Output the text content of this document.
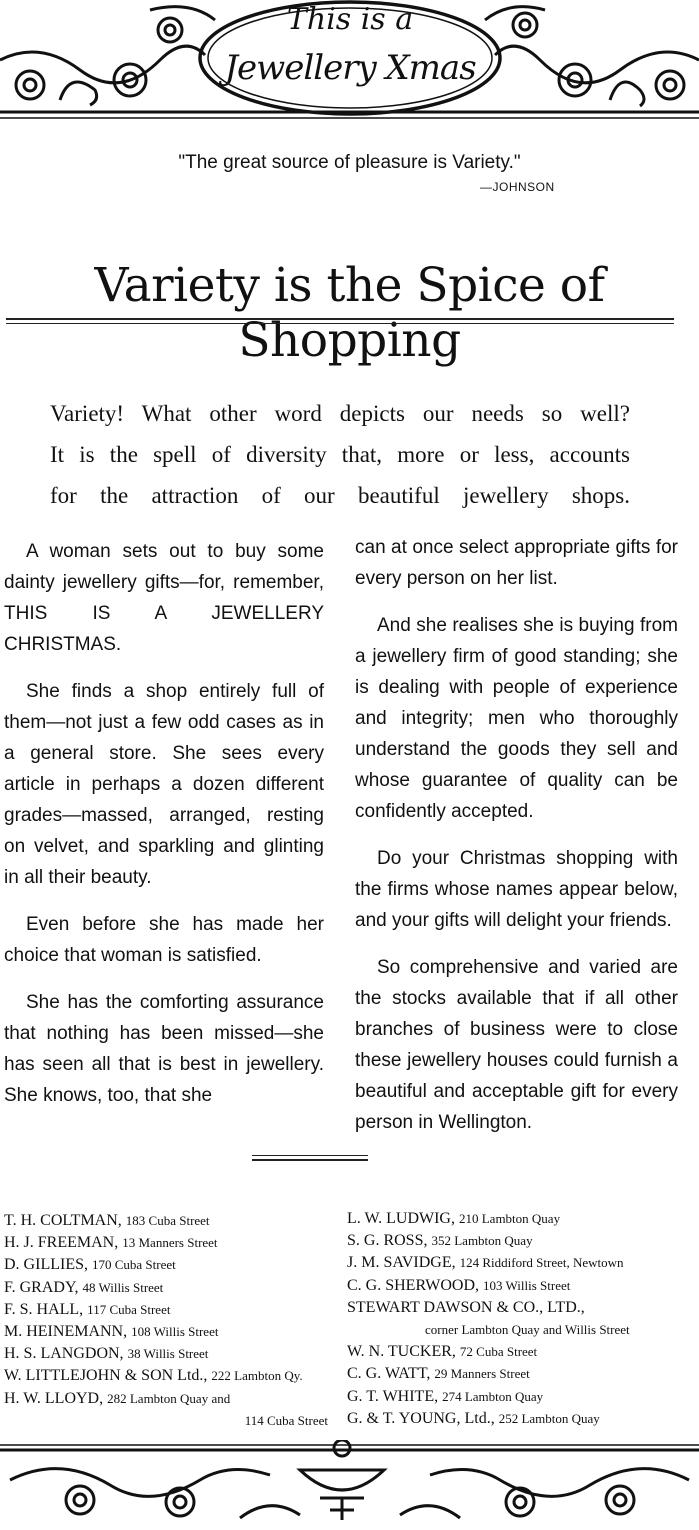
This is a
Jewellery Xmas
"The great source of pleasure is Variety."
—JOHNSON
Variety is the Spice of Shopping

Variety! What other word depicts our needs so well?

It is the spell of diversity that, more or less, accounts

for the attraction of our beautiful jewellery shops.

A woman sets out to buy some dainty jewellery gifts—for, remember, THIS IS A JEWELLERY CHRISTMAS.

She finds a shop entirely full of them—not just a few odd cases as in a general store. She sees every article in perhaps a dozen different grades—massed, arranged, resting on velvet, and sparkling and glinting in all their beauty.

Even before she has made her choice that woman is satisfied.

She has the comforting assurance that nothing has been missed—she has seen all that is best in jewellery. She knows, too, that she

can at once select appropriate gifts for every person on her list.

And she realises she is buying from a jewellery firm of good standing; she is dealing with people of experience and integrity; men who thoroughly understand the goods they sell and whose guarantee of quality can be confidently accepted.

Do your Christmas shopping with the firms whose names appear below, and your gifts will delight your friends.

So comprehensive and varied are the stocks available that if all other branches of business were to close these jewellery houses could furnish a beautiful and acceptable gift for every person in Wellington.

T. H. COLTMAN, 183 Cuba Street
H. J. FREEMAN, 13 Manners Street
D. GILLIES, 170 Cuba Street
F. GRADY, 48 Willis Street
F. S. HALL, 117 Cuba Street
M. HEINEMANN, 108 Willis Street
H. S. LANGDON, 38 Willis Street
W. LITTLEJOHN & SON Ltd., 222 Lambton Qy.
H. W. LLOYD, 282 Lambton Quay and
114 Cuba Street
L. W. LUDWIG, 210 Lambton Quay
S. G. ROSS, 352 Lambton Quay
J. M. SAVIDGE, 124 Riddiford Street, Newtown
C. G. SHERWOOD, 103 Willis Street
STEWART DAWSON & CO., LTD.,
corner Lambton Quay and Willis Street
W. N. TUCKER, 72 Cuba Street
C. G. WATT, 29 Manners Street
G. T. WHITE, 274 Lambton Quay
G. & T. YOUNG, Ltd., 252 Lambton Quay
